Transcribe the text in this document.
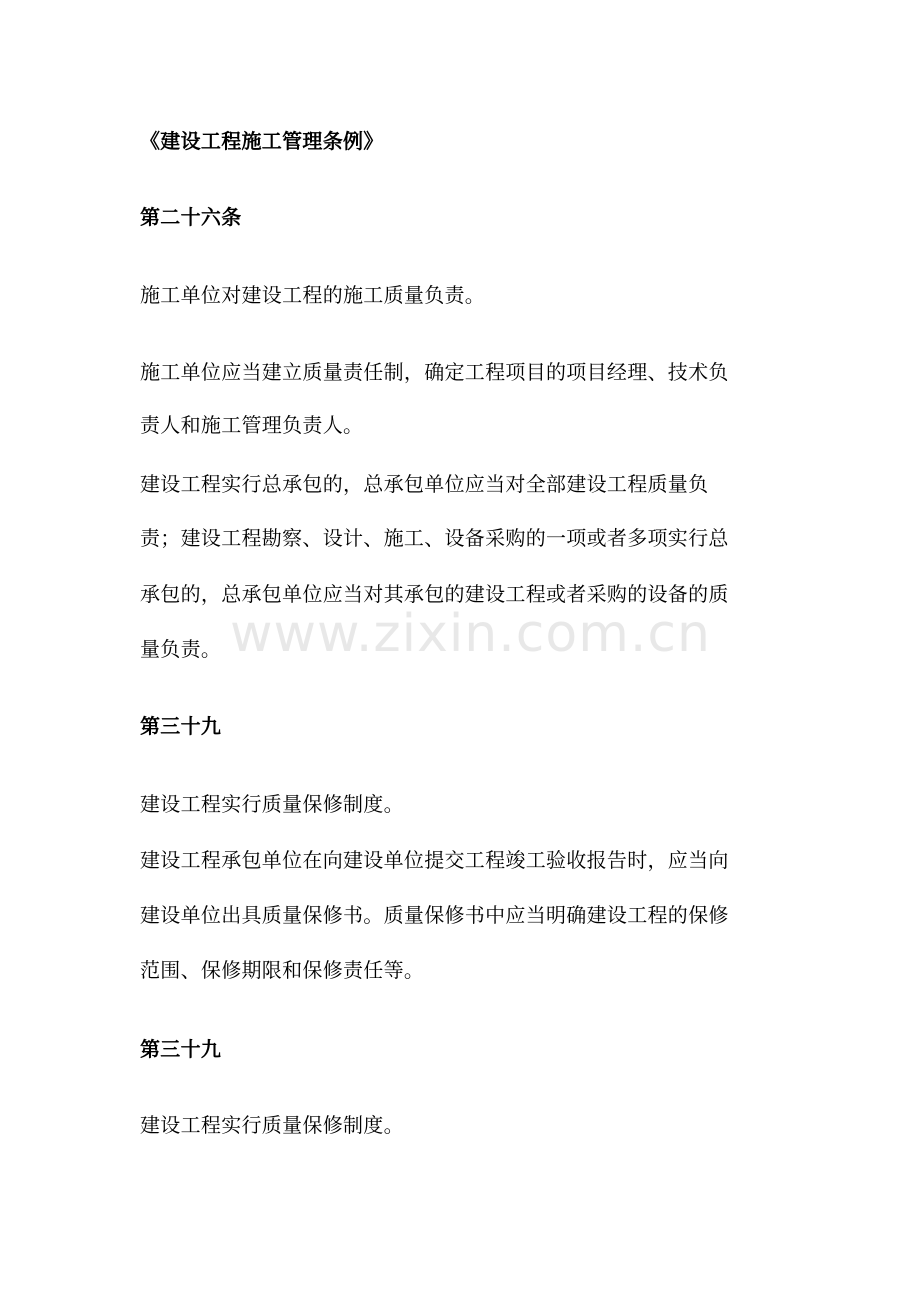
《建设工程施工管理条例》
第二十六条
施工单位对建设工程的施工质量负责。
施工单位应当建立质量责任制，确定工程项目的项目经理、技术负
责人和施工管理负责人。
建设工程实行总承包的，总承包单位应当对全部建设工程质量负
责；建设工程勘察、设计、施工、设备采购的一项或者多项实行总
承包的，总承包单位应当对其承包的建设工程或者采购的设备的质
量负责。
第三十九
建设工程实行质量保修制度。
建设工程承包单位在向建设单位提交工程竣工验收报告时，应当向
建设单位出具质量保修书。质量保修书中应当明确建设工程的保修
范围、保修期限和保修责任等。
第三十九
建设工程实行质量保修制度。
www.zixin.com.cn
